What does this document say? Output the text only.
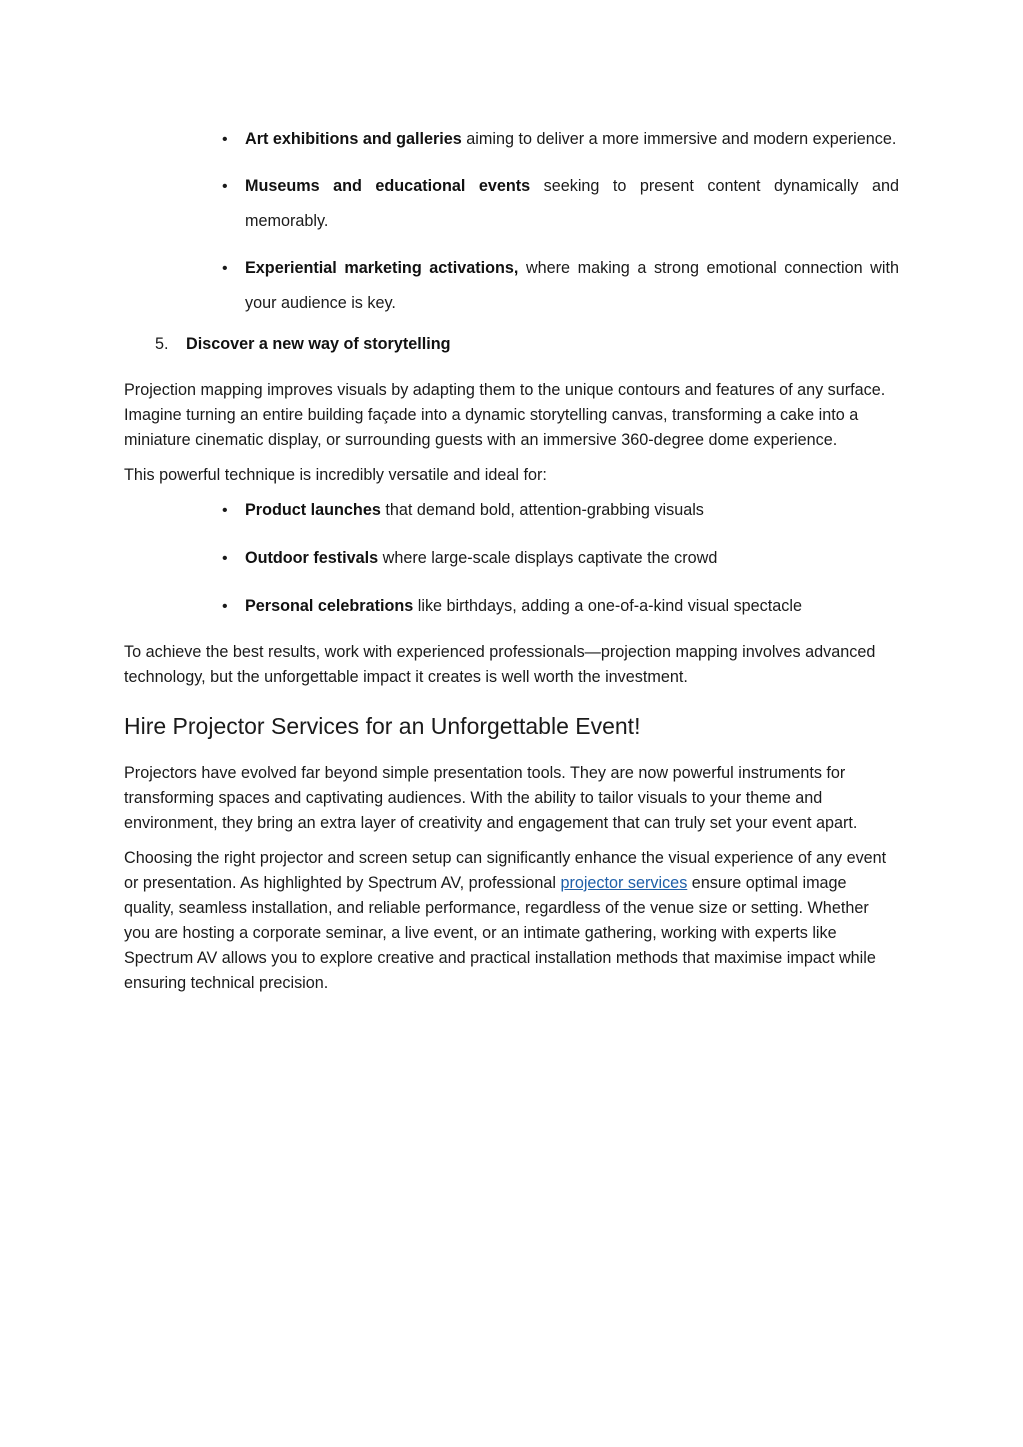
• Art exhibitions and galleries aiming to deliver a more immersive and modern experience.
• Museums and educational events seeking to present content dynamically and memorably.
• Experiential marketing activations, where making a strong emotional connection with your audience is key.
5. Discover a new way of storytelling

Projection mapping improves visuals by adapting them to the unique contours and features of any surface. Imagine turning an entire building façade into a dynamic storytelling canvas, transforming a cake into a miniature cinematic display, or surrounding guests with an immersive 360-degree dome experience.

This powerful technique is incredibly versatile and ideal for:

• Product launches that demand bold, attention-grabbing visuals
• Outdoor festivals where large-scale displays captivate the crowd
• Personal celebrations like birthdays, adding a one-of-a-kind visual spectacle

To achieve the best results, work with experienced professionals—projection mapping involves advanced technology, but the unforgettable impact it creates is well worth the investment.

Hire Projector Services for an Unforgettable Event!

Projectors have evolved far beyond simple presentation tools. They are now powerful instruments for transforming spaces and captivating audiences. With the ability to tailor visuals to your theme and environment, they bring an extra layer of creativity and engagement that can truly set your event apart.

Choosing the right projector and screen setup can significantly enhance the visual experience of any event or presentation. As highlighted by Spectrum AV, professional projector services ensure optimal image quality, seamless installation, and reliable performance, regardless of the venue size or setting. Whether you are hosting a corporate seminar, a live event, or an intimate gathering, working with experts like Spectrum AV allows you to explore creative and practical installation methods that maximise impact while ensuring technical precision.
